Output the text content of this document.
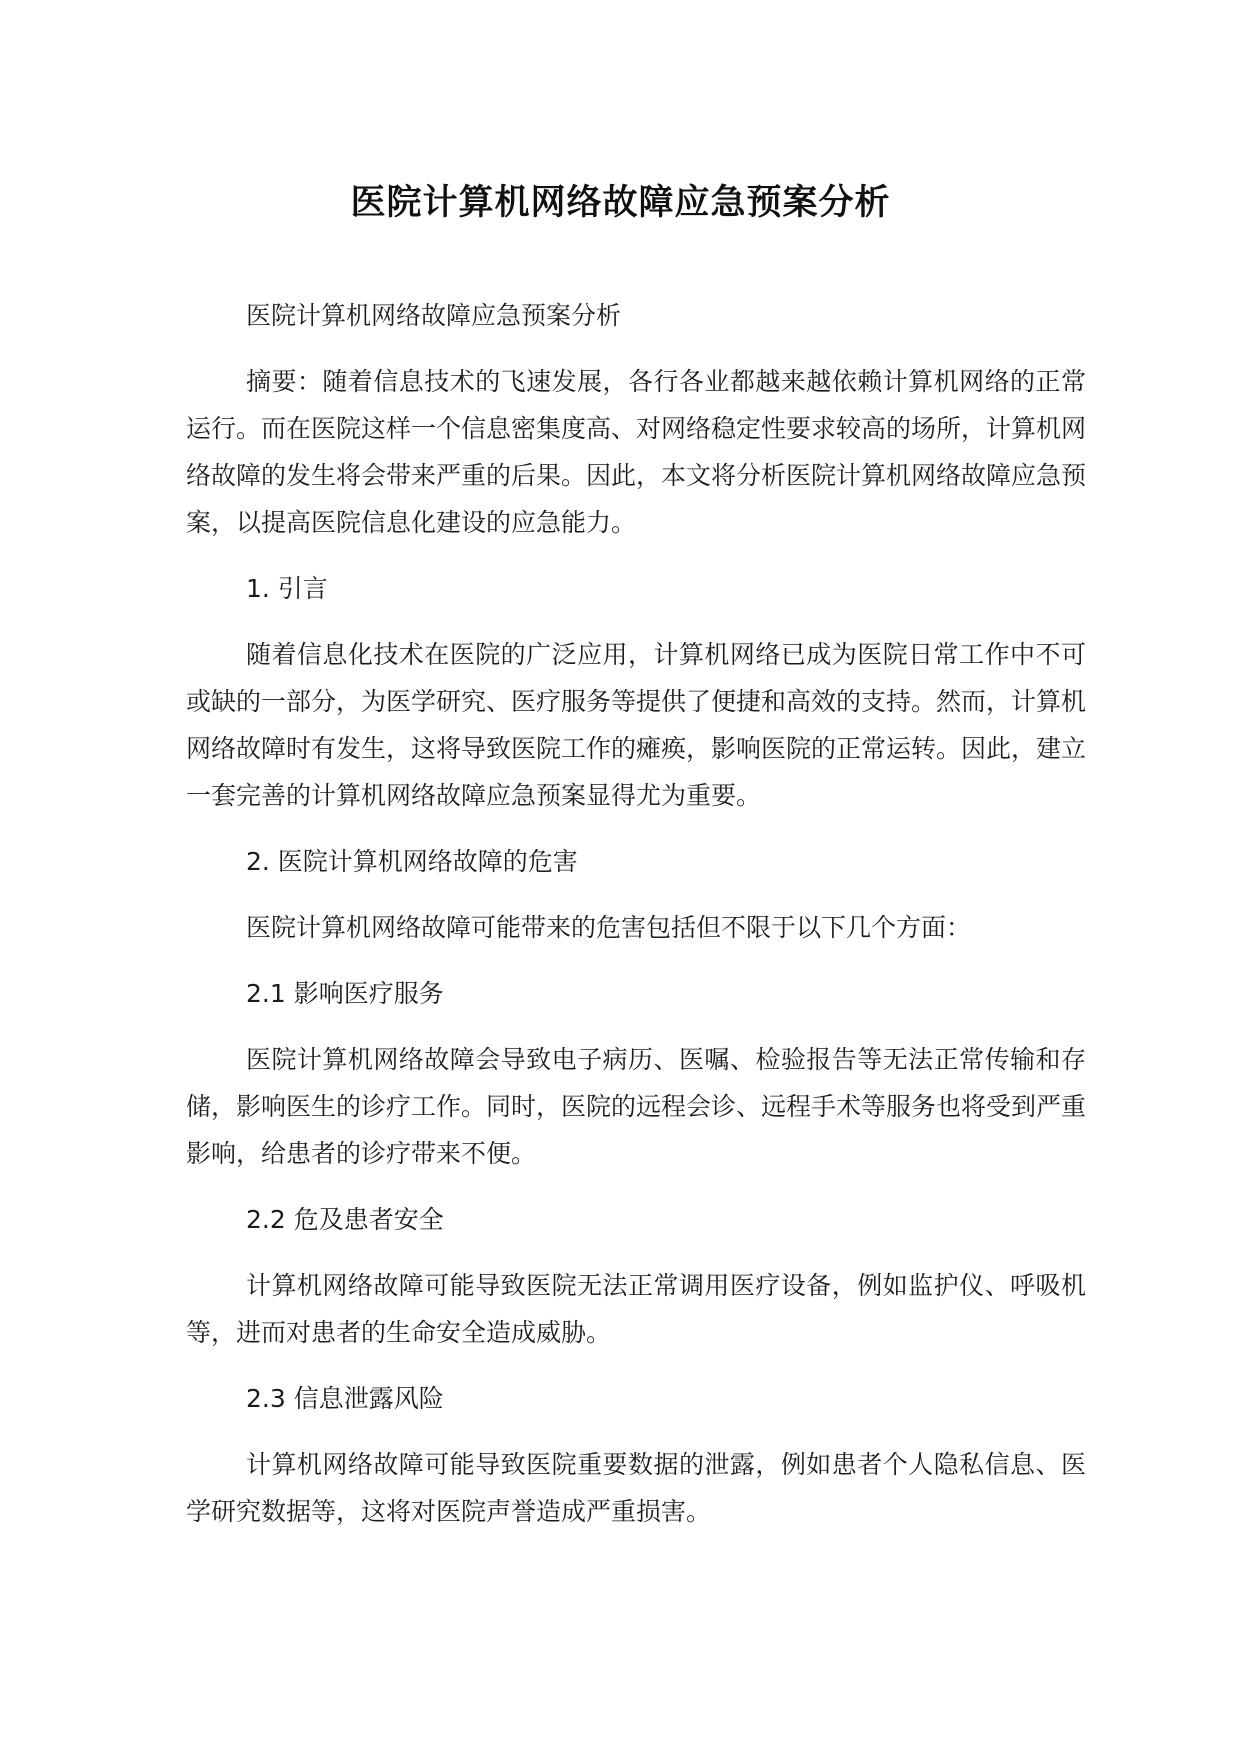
医院计算机网络故障应急预案分析

医院计算机网络故障应急预案分析

摘要：随着信息技术的飞速发展，各行各业都越来越依赖计算机网络的正常运行。而在医院这样一个信息密集度高、对网络稳定性要求较高的场所，计算机网络故障的发生将会带来严重的后果。因此，本文将分析医院计算机网络故障应急预案，以提高医院信息化建设的应急能力。

1. 引言

随着信息化技术在医院的广泛应用，计算机网络已成为医院日常工作中不可或缺的一部分，为医学研究、医疗服务等提供了便捷和高效的支持。然而，计算机网络故障时有发生，这将导致医院工作的瘫痪，影响医院的正常运转。因此，建立一套完善的计算机网络故障应急预案显得尤为重要。

2. 医院计算机网络故障的危害

医院计算机网络故障可能带来的危害包括但不限于以下几个方面：

2.1 影响医疗服务

医院计算机网络故障会导致电子病历、医嘱、检验报告等无法正常传输和存储，影响医生的诊疗工作。同时，医院的远程会诊、远程手术等服务也将受到严重影响，给患者的诊疗带来不便。

2.2 危及患者安全

计算机网络故障可能导致医院无法正常调用医疗设备，例如监护仪、呼吸机等，进而对患者的生命安全造成威胁。

2.3 信息泄露风险

计算机网络故障可能导致医院重要数据的泄露，例如患者个人隐私信息、医学研究数据等，这将对医院声誉造成严重损害。
